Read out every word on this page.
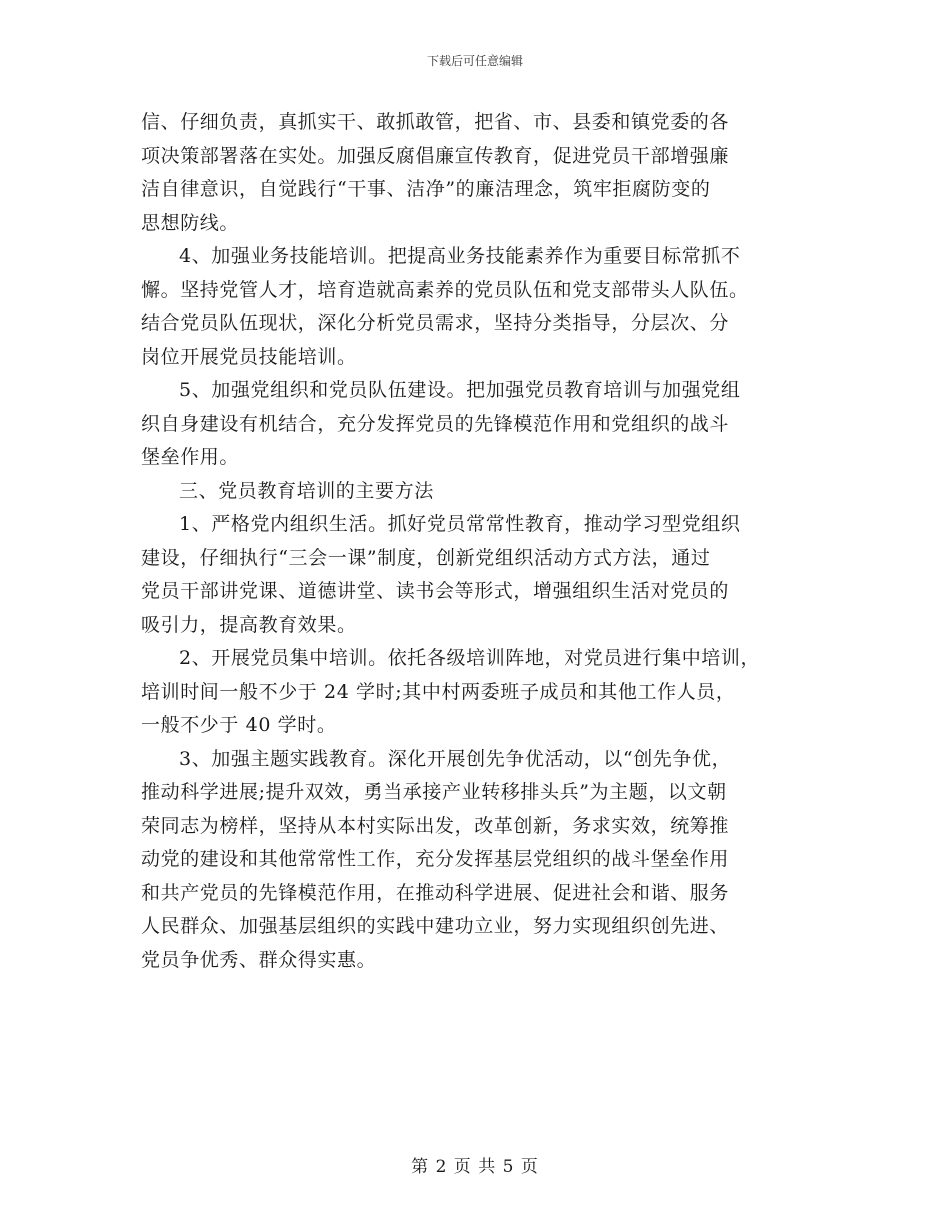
下载后可任意编辑

信、仔细负责，真抓实干、敢抓敢管，把省、市、县委和镇党委的各
项决策部署落在实处。加强反腐倡廉宣传教育，促进党员干部增强廉
洁自律意识，自觉践行“干事、洁净”的廉洁理念，筑牢拒腐防变的
思想防线。

4、加强业务技能培训。把提高业务技能素养作为重要目标常抓不
懈。坚持党管人才，培育造就高素养的党员队伍和党支部带头人队伍。
结合党员队伍现状，深化分析党员需求，坚持分类指导，分层次、分
岗位开展党员技能培训。

5、加强党组织和党员队伍建设。把加强党员教育培训与加强党组
织自身建设有机结合，充分发挥党员的先锋模范作用和党组织的战斗
堡垒作用。

三、党员教育培训的主要方法

1、严格党内组织生活。抓好党员常常性教育，推动学习型党组织
建设，仔细执行“三会一课”制度，创新党组织活动方式方法，通过
党员干部讲党课、道德讲堂、读书会等形式，增强组织生活对党员的
吸引力，提高教育效果。

2、开展党员集中培训。依托各级培训阵地，对党员进行集中培训，
培训时间一般不少于 24 学时;其中村两委班子成员和其他工作人员，
一般不少于 40 学时。

3、加强主题实践教育。深化开展创先争优活动，以“创先争优，
推动科学进展;提升双效，勇当承接产业转移排头兵”为主题，以文朝
荣同志为榜样，坚持从本村实际出发，改革创新，务求实效，统筹推
动党的建设和其他常常性工作，充分发挥基层党组织的战斗堡垒作用
和共产党员的先锋模范作用，在推动科学进展、促进社会和谐、服务
人民群众、加强基层组织的实践中建功立业，努力实现组织创先进、
党员争优秀、群众得实惠。

第 2 页 共 5 页
